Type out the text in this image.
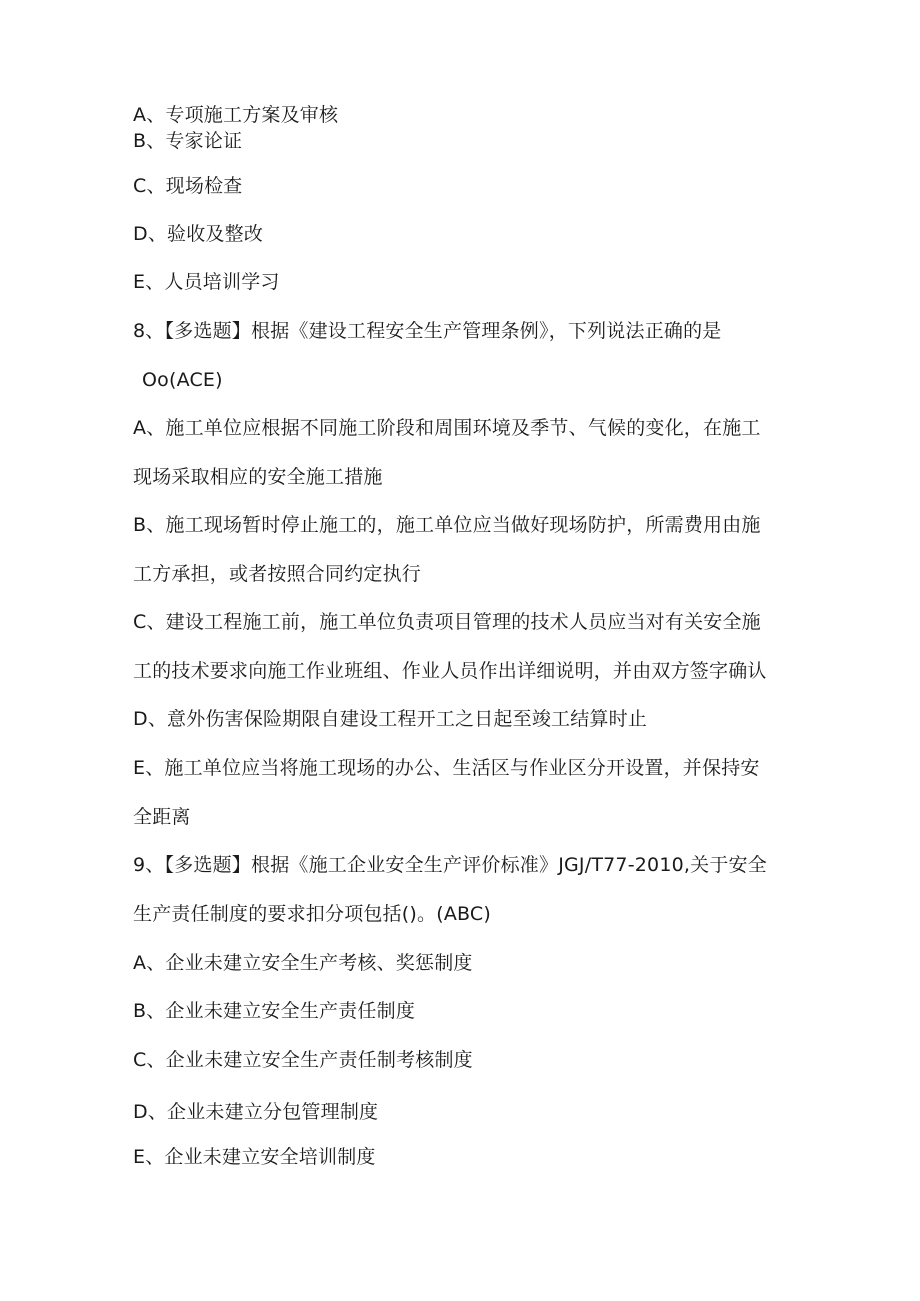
A、专项施工方案及审核
B、专家论证
C、现场检查
D、验收及整改
E、人员培训学习
8、【多选题】根据《建设工程安全生产管理条例》，下列说法正确的是
Oo(ACE)
A、施工单位应根据不同施工阶段和周围环境及季节、气候的变化，在施工
现场采取相应的安全施工措施
B、施工现场暂时停止施工的，施工单位应当做好现场防护，所需费用由施
工方承担，或者按照合同约定执行
C、建设工程施工前，施工单位负责项目管理的技术人员应当对有关安全施
工的技术要求向施工作业班组、作业人员作出详细说明，并由双方签字确认
D、意外伤害保险期限自建设工程开工之日起至竣工结算时止
E、施工单位应当将施工现场的办公、生活区与作业区分开设置，并保持安
全距离
9、【多选题】根据《施工企业安全生产评价标准》JGJ/T77-2010,关于安全
生产责任制度的要求扣分项包括()。(ABC)
A、企业未建立安全生产考核、奖惩制度
B、企业未建立安全生产责任制度
C、企业未建立安全生产责任制考核制度
D、企业未建立分包管理制度
E、企业未建立安全培训制度
